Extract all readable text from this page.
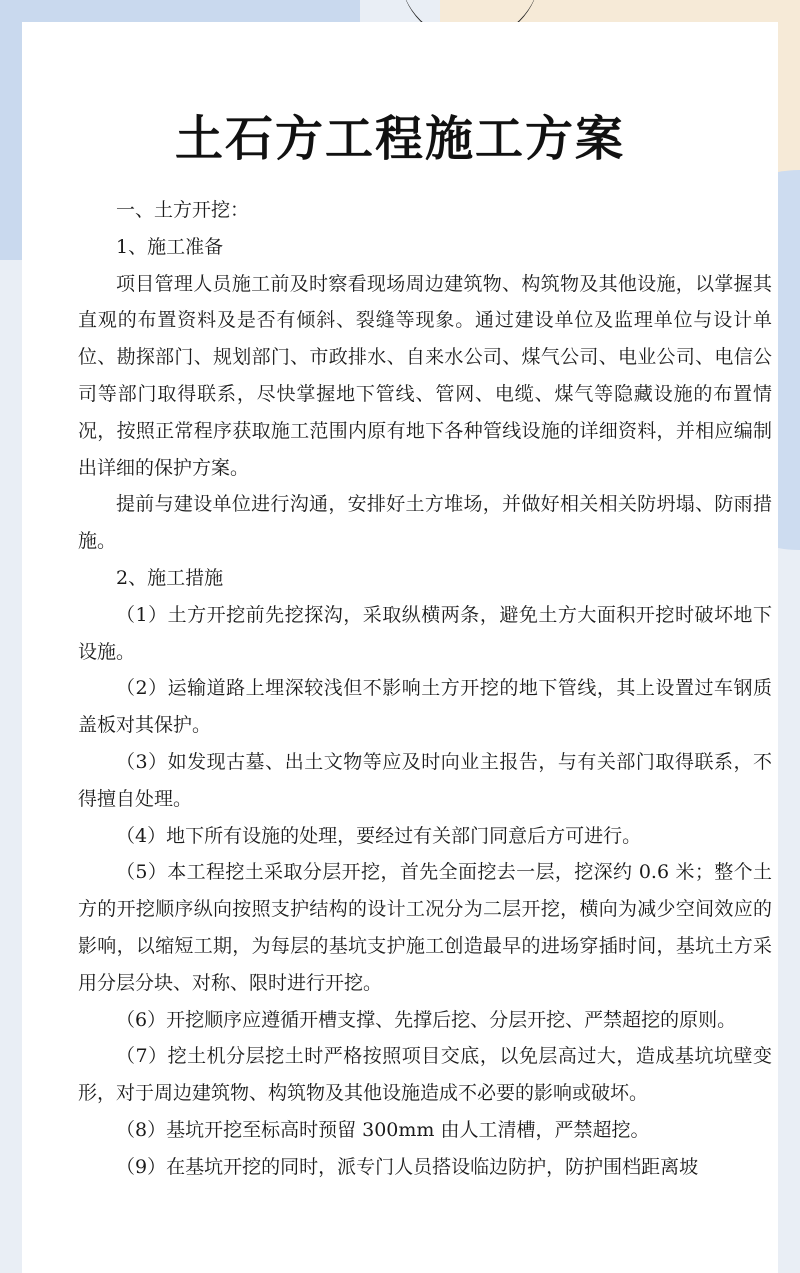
土石方工程施工方案

一、土方开挖：

1、施工准备

项目管理人员施工前及时察看现场周边建筑物、构筑物及其他设施，以掌握其直观的布置资料及是否有倾斜、裂缝等现象。通过建设单位及监理单位与设计单位、勘探部门、规划部门、市政排水、自来水公司、煤气公司、电业公司、电信公司等部门取得联系，尽快掌握地下管线、管网、电缆、煤气等隐藏设施的布置情况，按照正常程序获取施工范围内原有地下各种管线设施的详细资料，并相应编制出详细的保护方案。

提前与建设单位进行沟通，安排好土方堆场，并做好相关相关防坍塌、防雨措施。

2、施工措施

（1）土方开挖前先挖探沟，采取纵横两条，避免土方大面积开挖时破坏地下设施。

（2）运输道路上埋深较浅但不影响土方开挖的地下管线，其上设置过车钢质盖板对其保护。

（3）如发现古墓、出土文物等应及时向业主报告，与有关部门取得联系，不得擅自处理。

（4）地下所有设施的处理，要经过有关部门同意后方可进行。

（5）本工程挖土采取分层开挖，首先全面挖去一层，挖深约 0.6 米；整个土方的开挖顺序纵向按照支护结构的设计工况分为二层开挖，横向为减少空间效应的影响，以缩短工期，为每层的基坑支护施工创造最早的进场穿插时间，基坑土方采用分层分块、对称、限时进行开挖。

（6）开挖顺序应遵循开槽支撑、先撑后挖、分层开挖、严禁超挖的原则。

（7）挖土机分层挖土时严格按照项目交底，以免层高过大，造成基坑坑壁变形，对于周边建筑物、构筑物及其他设施造成不必要的影响或破坏。

（8）基坑开挖至标高时预留 300mm 由人工清槽，严禁超挖。

（9）在基坑开挖的同时，派专门人员搭设临边防护，防护围档距离坡
